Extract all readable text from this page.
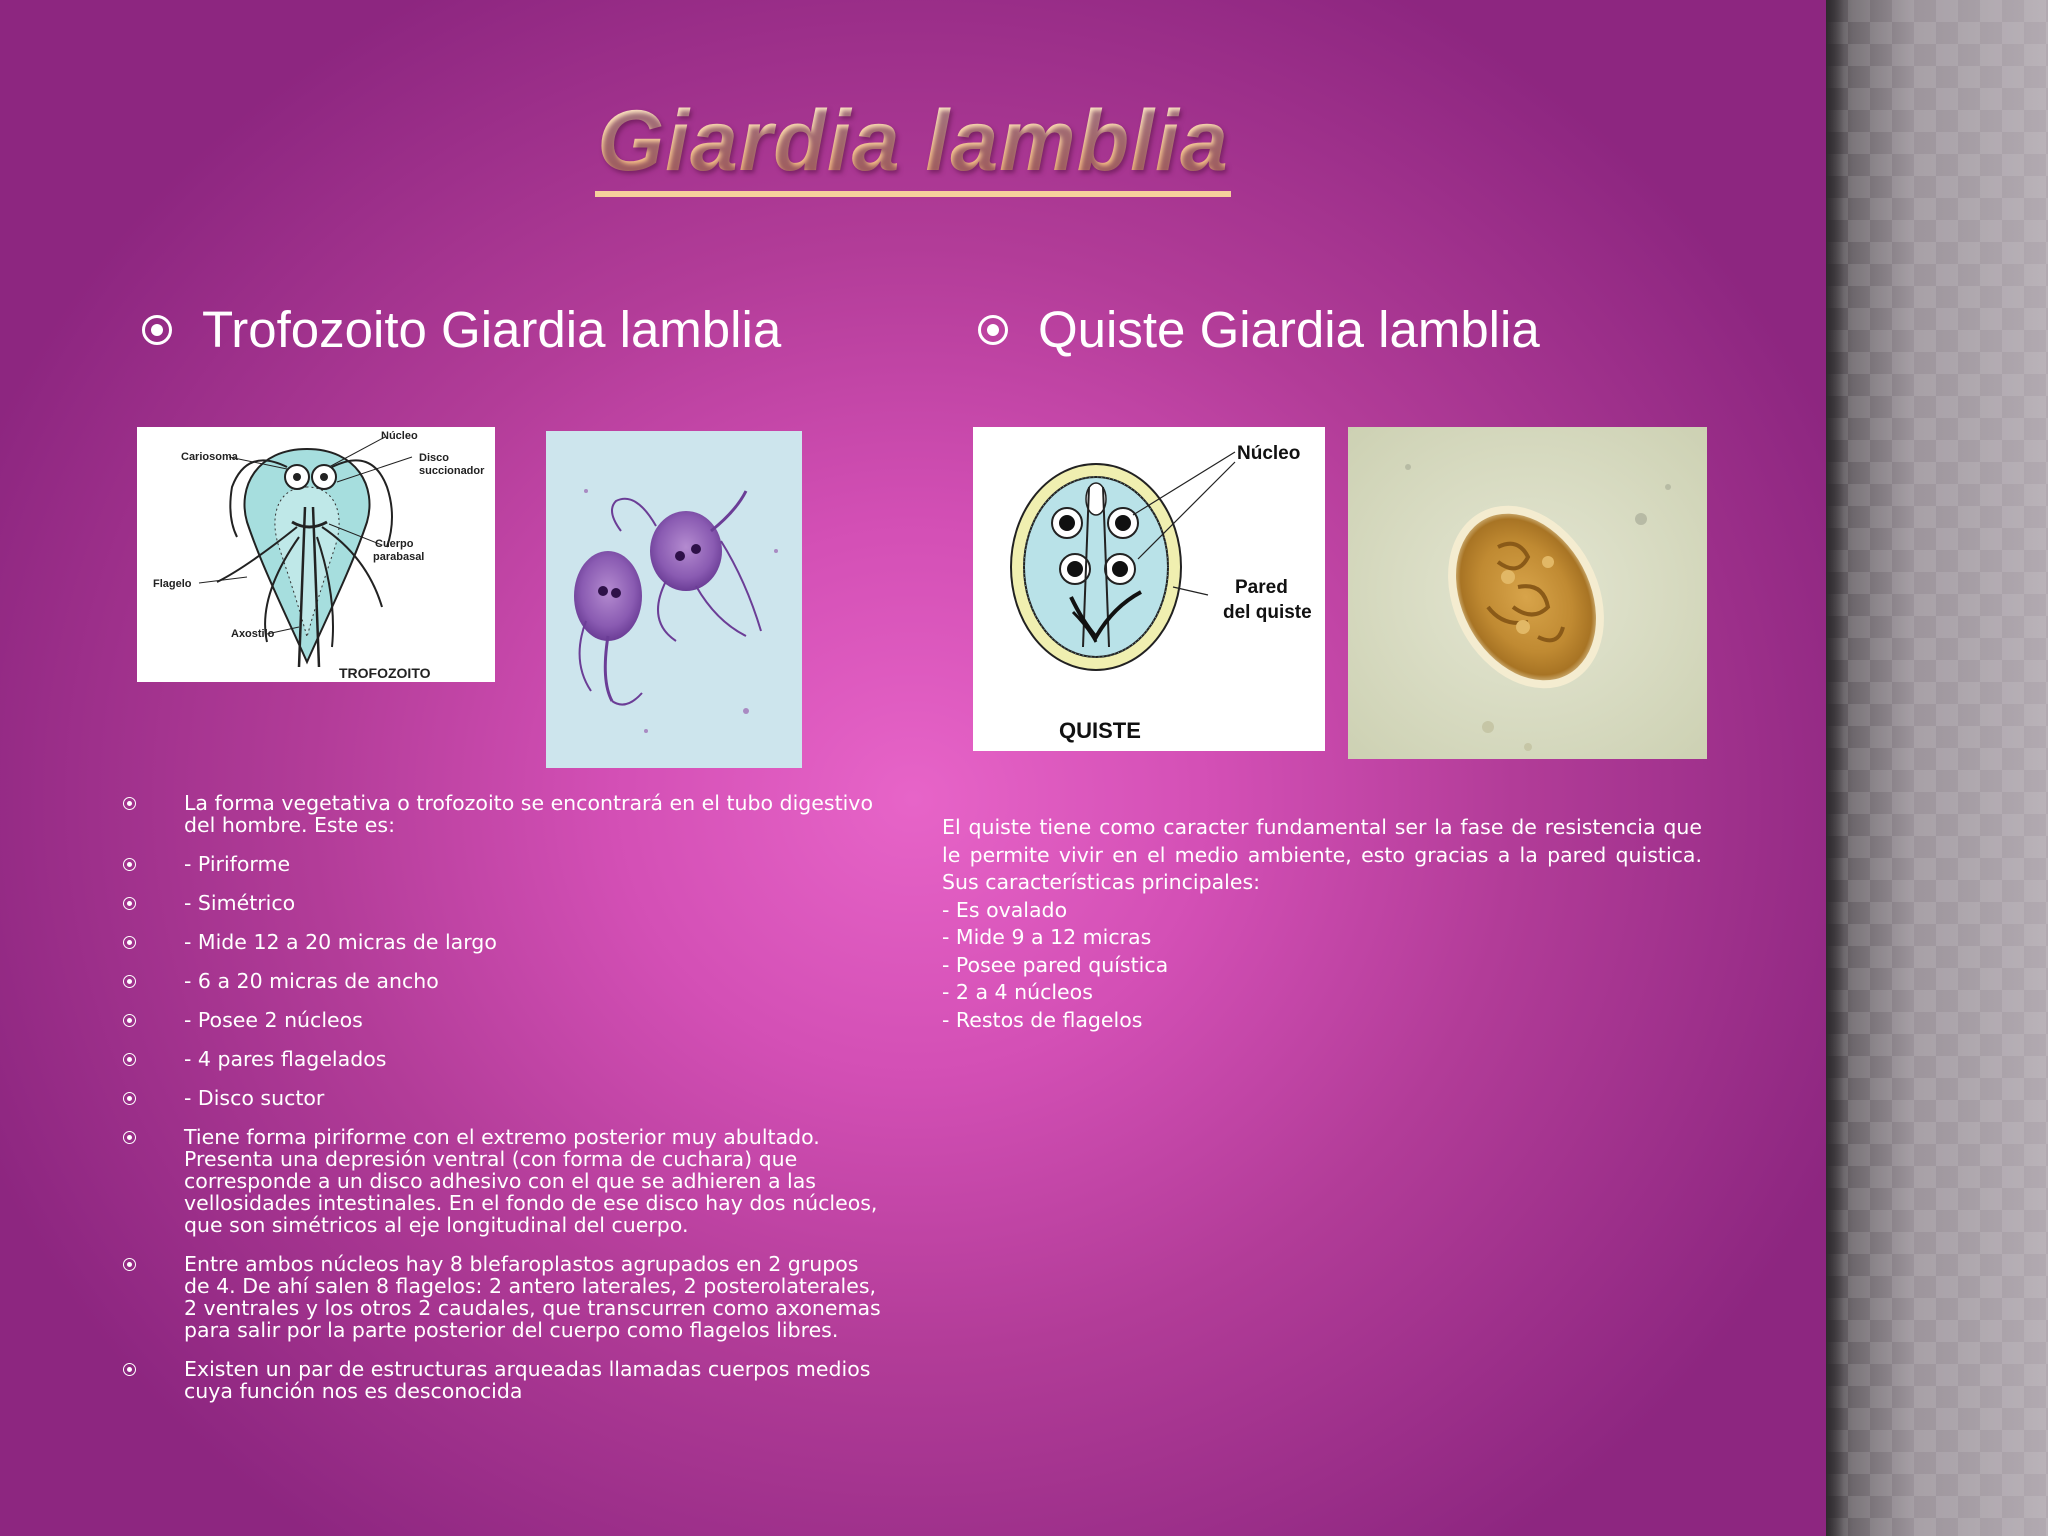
Giardia lamblia
Trofozoito Giardia lamblia	Quiste Giardia lamblia
Cariosoma
Núcleo
Disco
succionador
Cuerpo
parabasal
Flagelo
Axostilo
TROFOZOITO
Núcleo
Pared
del quiste
QUISTE
La forma vegetativa o trofozoito se encontrará en el tubo digestivo del hombre. Este es:
- Piriforme
- Simétrico
- Mide 12 a 20 micras de largo
- 6 a 20 micras de ancho
- Posee 2 núcleos
- 4 pares flagelados
- Disco suctor
Tiene forma piriforme con el extremo posterior muy abultado. Presenta una depresión ventral (con forma de cuchara) que corresponde a un disco adhesivo con el que se adhieren a las vellosidades intestinales. En el fondo de ese disco hay dos núcleos, que son simétricos al eje longitudinal del cuerpo.
Entre ambos núcleos hay 8 blefaroplastos agrupados en 2 grupos de 4. De ahí salen 8 flagelos: 2 antero laterales, 2 posterolaterales, 2 ventrales y los otros 2 caudales, que transcurren como axonemas para salir por la parte posterior del cuerpo como flagelos libres.
Existen un par de estructuras arqueadas llamadas cuerpos medios cuya función nos es desconocida
El quiste tiene como caracter fundamental ser la fase de resistencia que le permite vivir en el medio ambiente, esto gracias a la pared quistica. Sus características principales:
- Es ovalado
- Mide 9 a 12 micras
- Posee pared quística
- 2 a 4 núcleos
- Restos de flagelos
